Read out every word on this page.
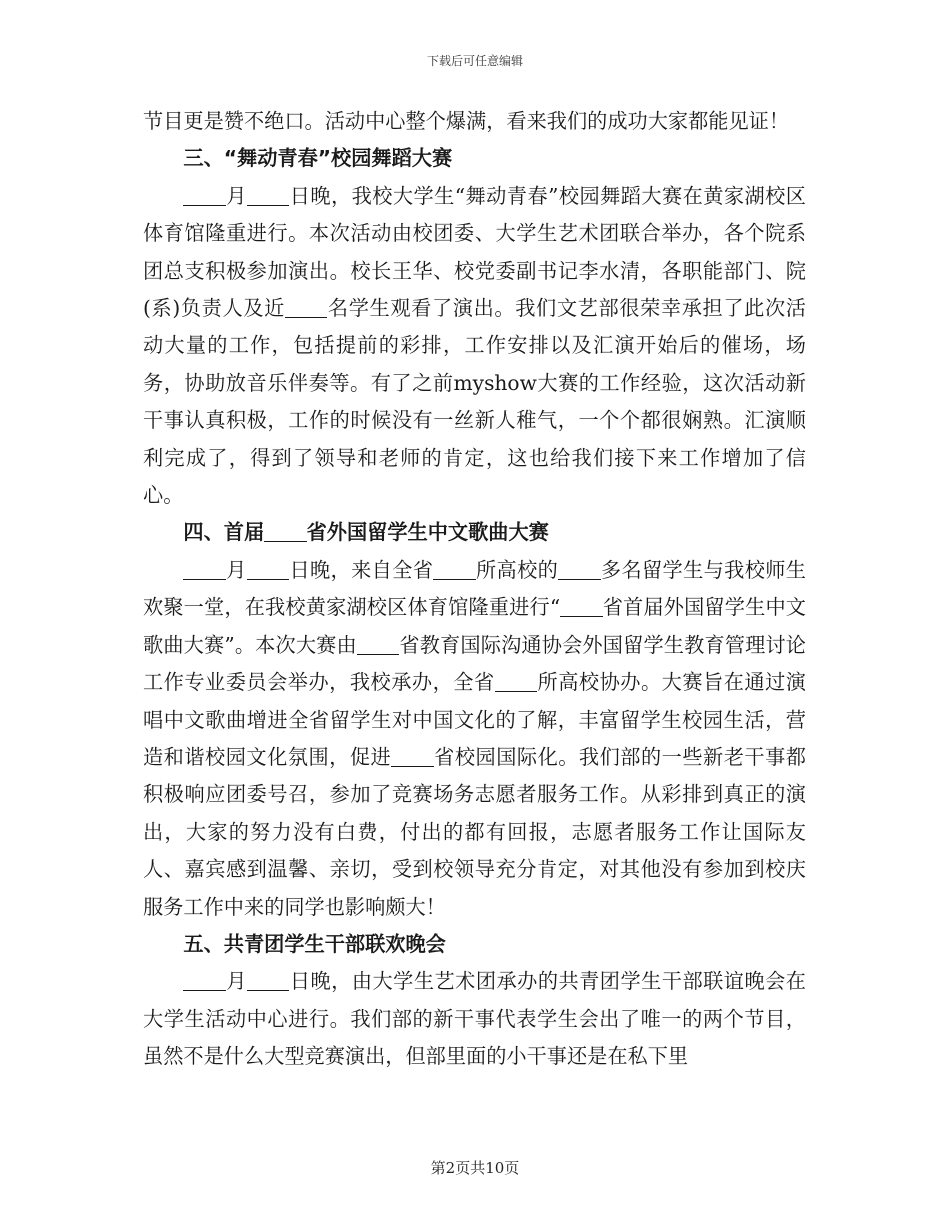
下载后可任意编辑

节目更是赞不绝口。活动中心整个爆满，看来我们的成功大家都能见证！

三、“舞动青春”校园舞蹈大赛

月 日晚，我校大学生“舞动青春”校园舞蹈大赛在黄家湖校区体育馆隆重进行。本次活动由校团委、大学生艺术团联合举办，各个院系团总支积极参加演出。校长王华、校党委副书记李水清，各职能部门、院(系)负责人及近 名学生观看了演出。我们文艺部很荣幸承担了此次活动大量的工作，包括提前的彩排，工作安排以及汇演开始后的催场，场务，协助放音乐伴奏等。有了之前myshow大赛的工作经验，这次活动新干事认真积极，工作的时候没有一丝新人稚气，一个个都很娴熟。汇演顺利完成了，得到了领导和老师的肯定，这也给我们接下来工作增加了信心。

四、首届 省外国留学生中文歌曲大赛

月 日晚，来自全省 所高校的 多名留学生与我校师生欢聚一堂，在我校黄家湖校区体育馆隆重进行“ 省首届外国留学生中文歌曲大赛”。本次大赛由 省教育国际沟通协会外国留学生教育管理讨论工作专业委员会举办，我校承办，全省 所高校协办。大赛旨在通过演唱中文歌曲增进全省留学生对中国文化的了解，丰富留学生校园生活，营造和谐校园文化氛围，促进 省校园国际化。我们部的一些新老干事都积极响应团委号召，参加了竞赛场务志愿者服务工作。从彩排到真正的演出，大家的努力没有白费，付出的都有回报，志愿者服务工作让国际友人、嘉宾感到温馨、亲切，受到校领导充分肯定，对其他没有参加到校庆服务工作中来的同学也影响颇大！

五、共青团学生干部联欢晚会

月 日晚，由大学生艺术团承办的共青团学生干部联谊晚会在大学生活动中心进行。我们部的新干事代表学生会出了唯一的两个节目，虽然不是什么大型竞赛演出，但部里面的小干事还是在私下里

第2页共10页
